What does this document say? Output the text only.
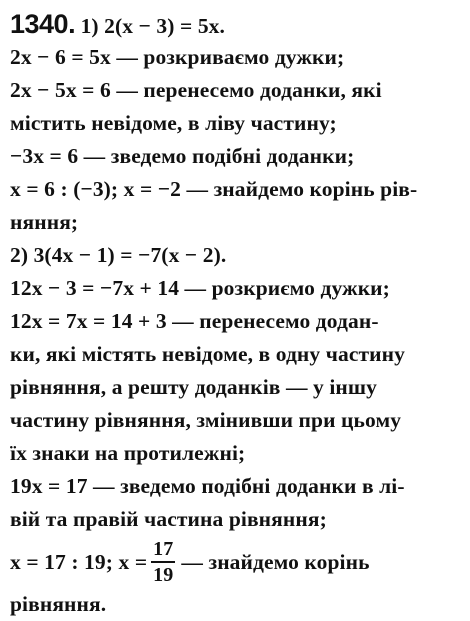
1340. 1) 2(x − 3) = 5x.
2x − 6 = 5x — розкриваємо дужки;
2x − 5x = 6 — перенесемо доданки, які
містить невідоме, в ліву частину;
−3x = 6 — зведемо подібні доданки;
x = 6 : (−3); x = −2 — знайдемо корінь рів-
няння;
2) 3(4x − 1) = −7(x − 2).
12x − 3 = −7x + 14 — розкриємо дужки;
12x = 7x = 14 + 3 — перенесемо додан-
ки, які містять невідоме, в одну частину
рівняння, а решту доданків — у іншу
частину рівняння, змінивши при цьому
їх знаки на протилежні;
19x = 17 — зведемо подібні доданки в лі-
вій та правій частина рівняння;
x = 17 : 19; $x = \frac{17}{19}$ — знайдемо корінь
рівняння.
